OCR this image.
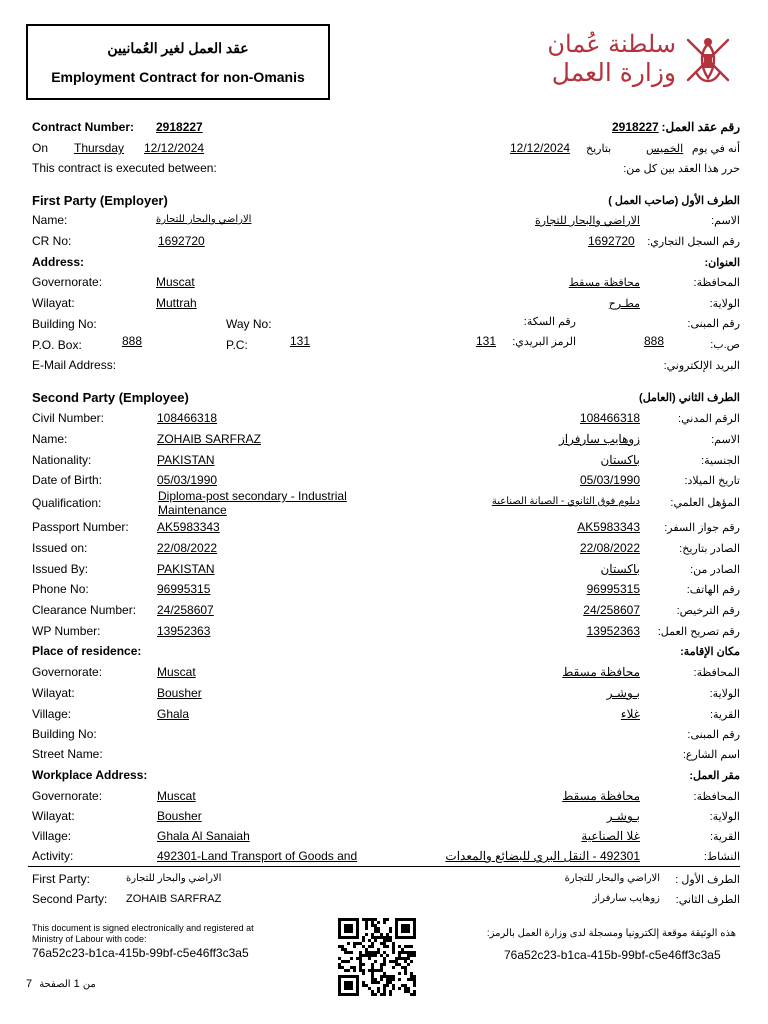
عقد العمل لغير العُمانيين
Employment Contract for non-Omanis
سلطنة عُمان
وزارة العمل
Contract Number: 2918227	2918227 رقم عقد العمل:
On Thursday 12/12/2024	12/12/2024 بتاريخ	الخميس أنه في يوم
This contract is executed between:	حرر هذا العقد بين كل من:
First Party (Employer)	الطرف الأول (صاحب العمل )
Name:	الاراضي والبحار للتجارة	الاراضي والبحار للتجارة	الاسم:
CR No:	1692720	1692720	رقم السجل التجاري:
Address:	العنوان:
Governorate:	Muscat	محافظة مسقط	المحافظة:
Wilayat:	Muttrah	مطـرح	الولاية:
Building No:	Way No:	رقم السكة:	رقم المبنى:
P.O. Box:	888	P.C:	131	131	الرمز البريدي:	888	ص.ب:
E-Mail Address:	البريد الإلكتروني:
Second Party (Employee)	الطرف الثاني (العامل)
Civil Number:	108466318	108466318	الرقم المدني:
Name:	ZOHAIB SARFRAZ	زوهايب سارفراز	الاسم:
Nationality:	PAKISTAN	باكستان	الجنسية:
Date of Birth:	05/03/1990	05/03/1990	تاريخ الميلاد:
Qualification:	Diploma-post secondary - Industrial
Maintenance
دبلوم فوق الثانوي - الصيانة الصناعية	المؤهل العلمي:
Passport Number: AK5983343	AK5983343	رقم جواز السفر:
Issued on:	22/08/2022	22/08/2022	الصادر بتاريخ:
Issued By:	PAKISTAN	باكستان	الصادر من:
Phone No:	96995315	96995315	رقم الهاتف:
Clearance Number: 24/258607	24/258607	رقم الترخيص:
WP Number:	13952363	13952363	رقم تصريح العمل:
Place of residence:	مكان الإقامة:
Governorate:	Muscat	محافظة مسقط	المحافظة:
Wilayat:	Bousher	بـوشـر	الولاية:
Village:	Ghala	غلاء	القرية:
Building No:	رقم المبنى:
Street Name:	اسم الشارع:
Workplace Address:	مقر العمل:
Governorate:	Muscat	محافظة مسقط	المحافظة:
Wilayat:	Bousher	بـوشـر	الولاية:
Village:	Ghala Al Sanaiah	غلا الصناعية	القرية:
Activity:	492301-Land Transport of Goods and	492301 - النقل البري للبضائع والمعدات	النشاط:
First Party:	الاراضي والبحار للتجارة	الاراضي والبحار للتجارة	الطرف الأول :
Second Party: ZOHAIB SARFRAZ	زوهايب سارفراز	الطرف الثاني:
This document is signed electronically and registered at
Ministry of Labour with code:
76a52c23-b1ca-415b-99bf-c5e46ff3c3a5
هذه الوثيقة موقعة إلكترونيا ومسجلة لدى وزارة العمل بالرمز:
76a52c23-b1ca-415b-99bf-c5e46ff3c3a5
7	من 1 الصفحة
